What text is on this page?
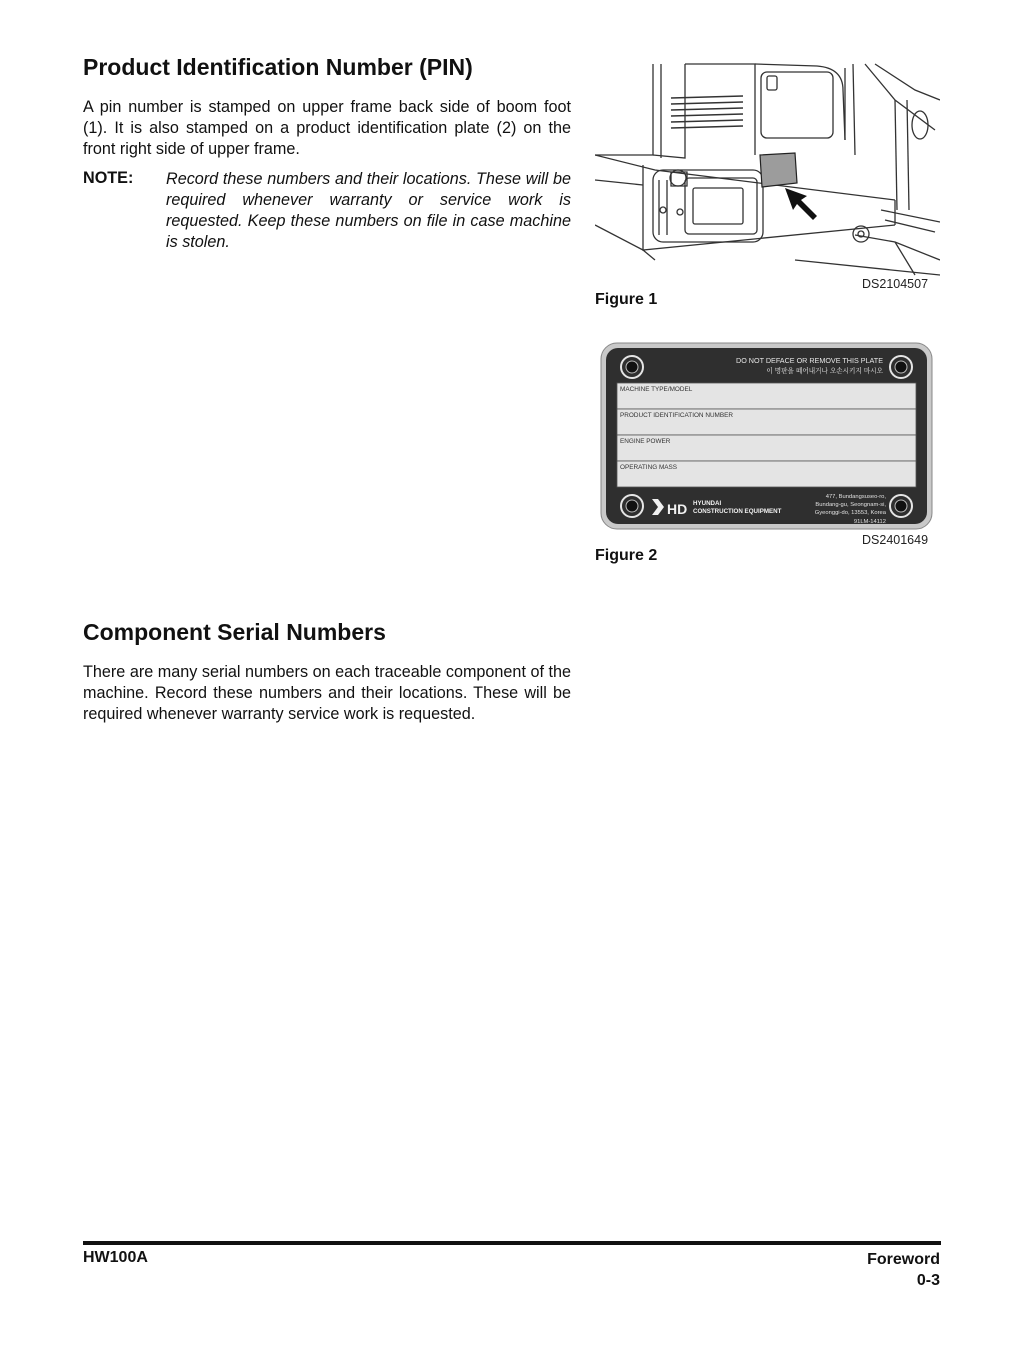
Product Identification Number (PIN)

A pin number is stamped on upper frame back side of boom foot (1). It is also stamped on a product identification plate (2) on the front right side of upper frame.

NOTE: Record these numbers and their locations. These will be required whenever warranty or service work is requested. Keep these numbers on file in case machine is stolen.

DS2104507
Figure 1
DO NOT DEFACE OR REMOVE THIS PLATE
이 명판을 떼어내거나 오손시키지 마시오
MACHINE TYPE/MODEL
PRODUCT IDENTIFICATION NUMBER
ENGINE POWER
OPERATING MASS
HD HYUNDAI
CONSTRUCTION EQUIPMENT
477, Bundangsuseo-ro,
Bundang-gu, Seongnam-si,
Gyeonggi-do, 13553, Korea
91LM-14112
DS2401649
Figure 2
Component Serial Numbers

There are many serial numbers on each traceable component of the machine. Record these numbers and their locations. These will be required whenever warranty service work is requested.

HW100A	Foreword
0-3
